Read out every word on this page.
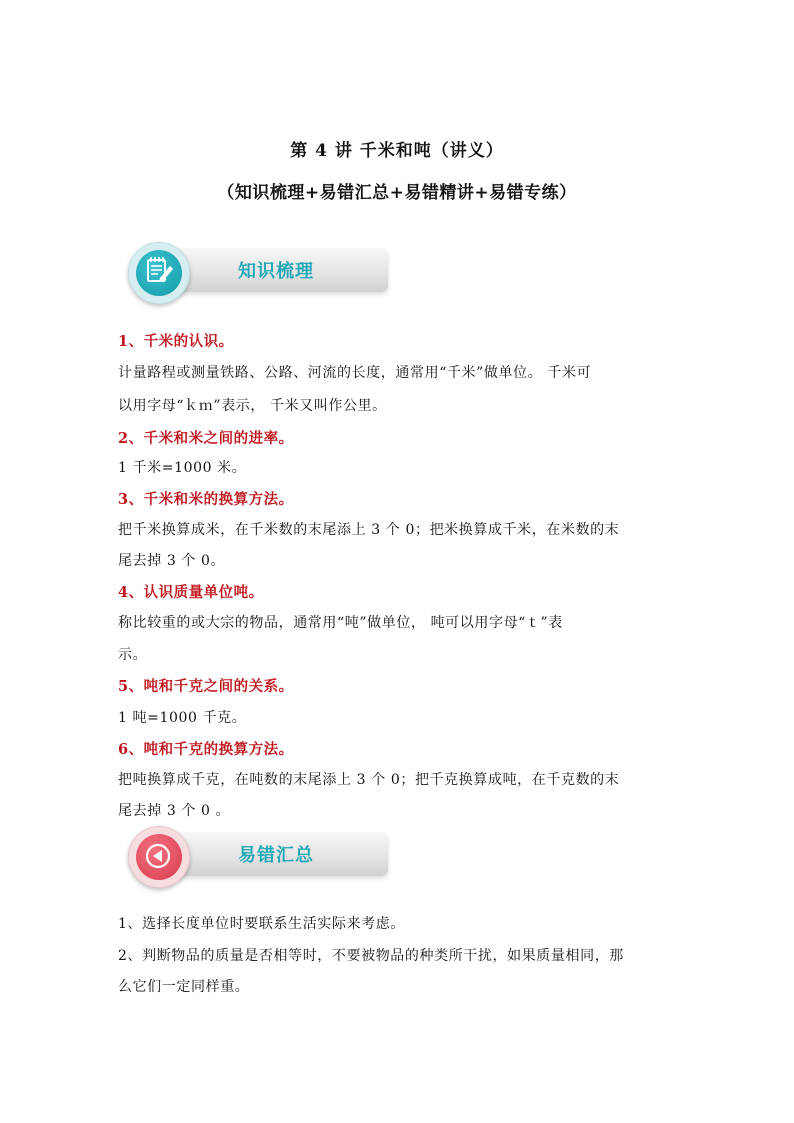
第 4 讲 千米和吨（讲义）
（知识梳理+易错汇总+易错精讲+易错专练）
知识梳理
1、千米的认识。
计量路程或测量铁路、公路、河流的长度，通常用“千米”做单位。 千米可
以用字母“ｋｍ”表示， 千米又叫作公里。
2、千米和米之间的进率。
1 千米=1000 米。
3、千米和米的换算方法。
把千米换算成米，在千米数的末尾添上 3 个 0；把米换算成千米，在米数的末
尾去掉 3 个 0。
4、认识质量单位吨。
称比较重的或大宗的物品，通常用“吨”做单位， 吨可以用字母“ｔ”表
示。
5、吨和千克之间的关系。
1 吨=1000 千克。
6、吨和千克的换算方法。
把吨换算成千克，在吨数的末尾添上 3 个 0；把千克换算成吨，在千克数的末
尾去掉 3 个 0 。
易错汇总
1、选择长度单位时要联系生活实际来考虑。
2、判断物品的质量是否相等时，不要被物品的种类所干扰，如果质量相同，那
么它们一定同样重。
